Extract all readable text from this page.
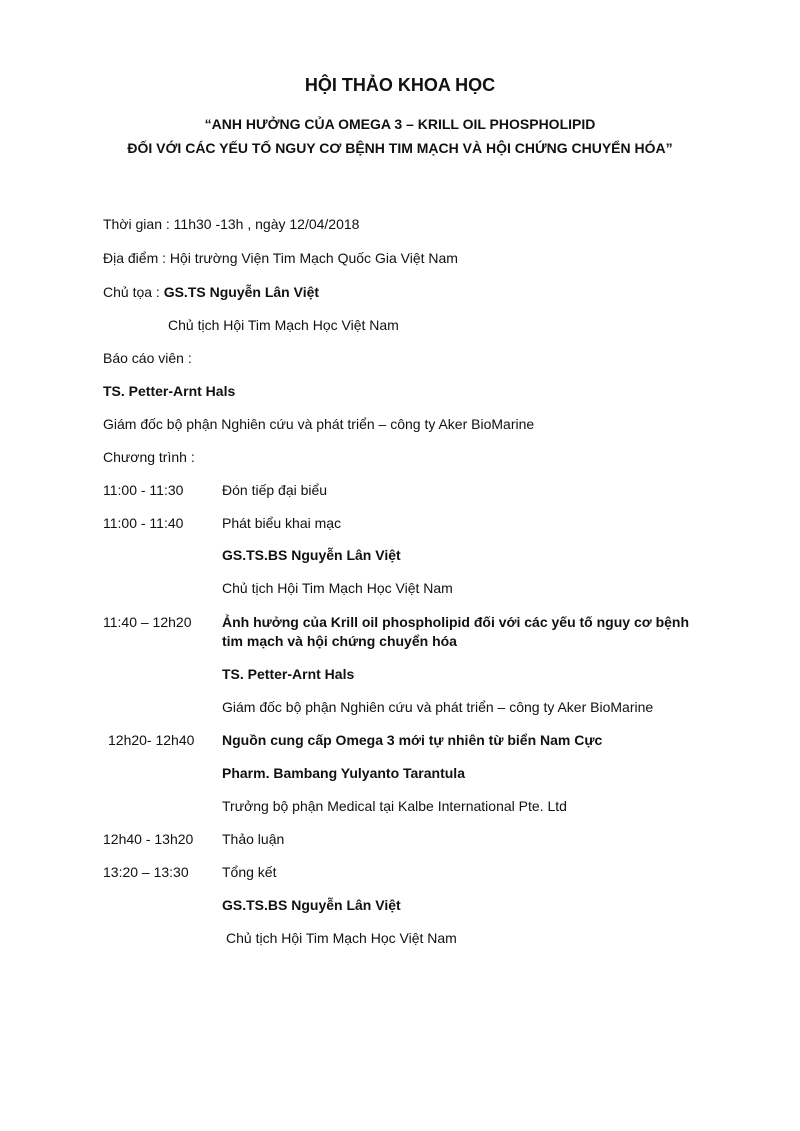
HỘI THẢO KHOA HỌC
“ANH HƯỞNG CỦA OMEGA 3 – KRILL OIL PHOSPHOLIPID
ĐỐI VỚI CÁC YẾU TỐ NGUY CƠ BỆNH TIM MẠCH VÀ HỘI CHỨNG CHUYỂN HÓA”
Thời gian : 11h30 -13h , ngày 12/04/2018
Địa điểm : Hội trường Viện Tim Mạch Quốc Gia Việt Nam
Chủ tọa : GS.TS Nguyễn Lân Việt
Chủ tịch Hội Tim Mạch Học Việt Nam
Báo cáo viên :
TS. Petter-Arnt Hals
Giám đốc bộ phận Nghiên cứu và phát triển – công ty Aker BioMarine
Chương trình :
11:00 - 11:30	Đón tiếp đại biểu
11:00 - 11:40	Phát biểu khai mạc
GS.TS.BS Nguyễn Lân Việt
Chủ tịch Hội Tim Mạch Học Việt Nam
11:40 – 12h20 Ảnh hưởng của Krill oil phospholipid đối với các yếu tố nguy cơ bệnh
tim mạch và hội chứng chuyển hóa
TS. Petter-Arnt Hals
Giám đốc bộ phận Nghiên cứu và phát triển – công ty Aker BioMarine
12h20- 12h40 Nguồn cung cấp Omega 3 mới tự nhiên từ biển Nam Cực
Pharm. Bambang Yulyanto Tarantula
Trưởng bộ phận Medical tại Kalbe International Pte. Ltd
12h40 - 13h20 Thảo luận
13:20 – 13:30 Tổng kết
GS.TS.BS Nguyễn Lân Việt
Chủ tịch Hội Tim Mạch Học Việt Nam
